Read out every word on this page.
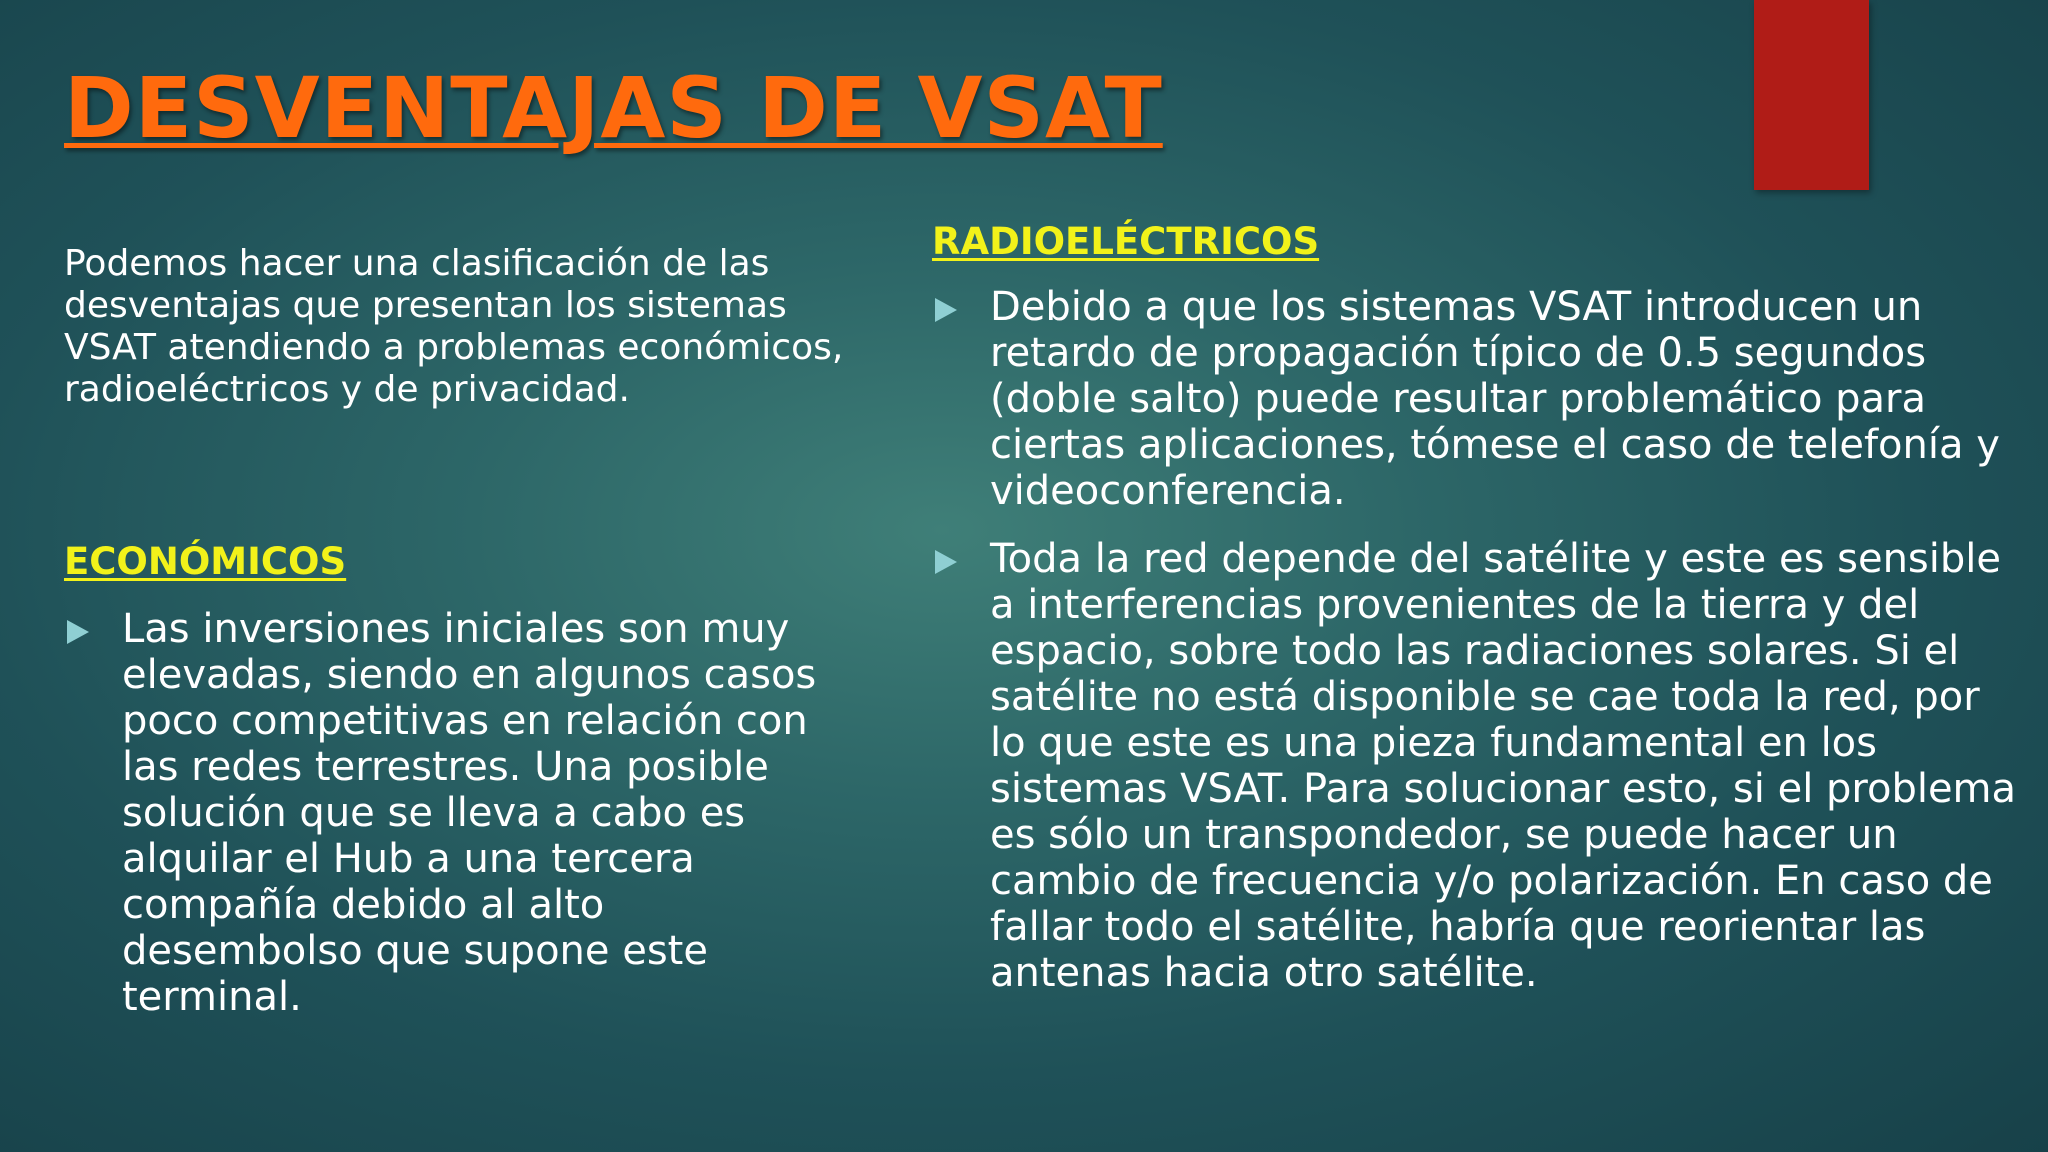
DESVENTAJAS DE VSAT

Podemos hacer una clasificación de las desventajas que presentan los sistemas VSAT atendiendo a problemas económicos, radioeléctricos y de privacidad.

ECONÓMICOS
Las inversiones iniciales son muy elevadas, siendo en algunos casos poco competitivas en relación con las redes terrestres. Una posible solución que se lleva a cabo es alquilar el Hub a una tercera compañía debido al alto desembolso que supone este terminal.
RADIOELÉCTRICOS
Debido a que los sistemas VSAT introducen un retardo de propagación típico de 0.5 segundos (doble salto) puede resultar problemático para ciertas aplicaciones, tómese el caso de telefonía y videoconferencia.
Toda la red depende del satélite y este es sensible a interferencias provenientes de la tierra y del espacio, sobre todo las radiaciones solares. Si el satélite no está disponible se cae toda la red, por lo que este es una pieza fundamental en los sistemas VSAT. Para solucionar esto, si el problema es sólo un transpondedor, se puede hacer un cambio de frecuencia y/o polarización. En caso de fallar todo el satélite, habría que reorientar las antenas hacia otro satélite.
